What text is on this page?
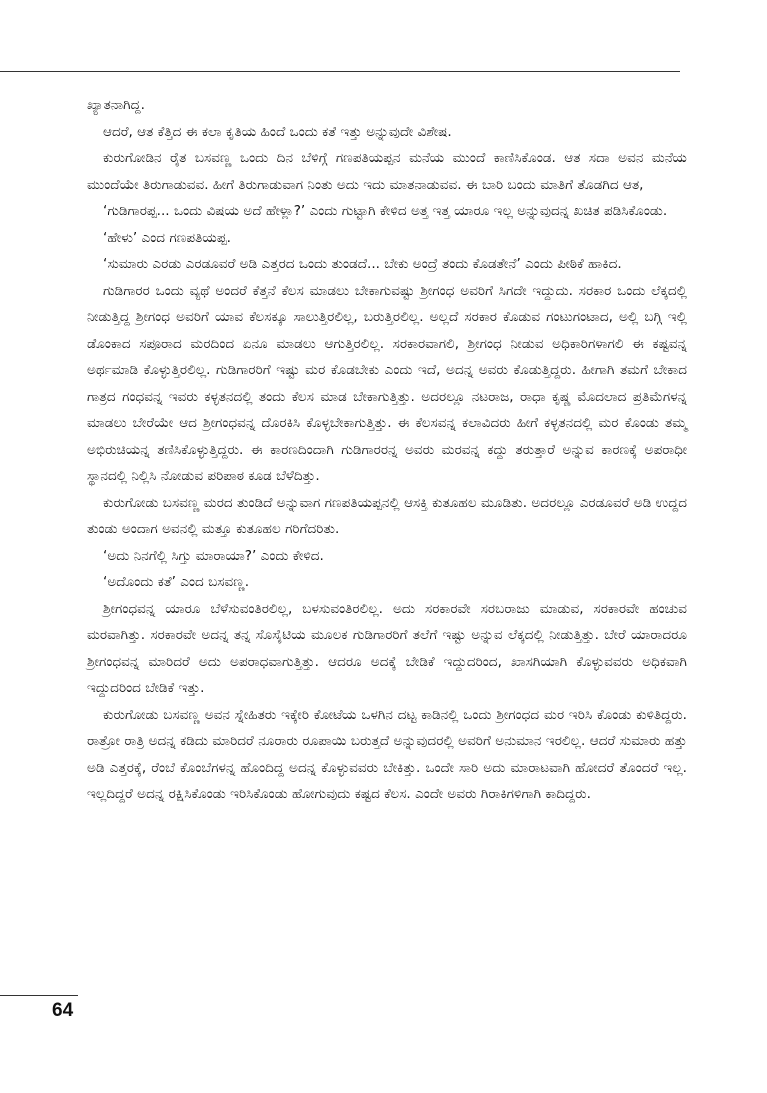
ಖ್ಯಾತನಾಗಿದ್ದ.

ಆದರೆ, ಆತ ಕೆತ್ತಿದ ಈ ಕಲಾ ಕೃತಿಯ ಹಿಂದೆ ಒಂದು ಕತೆ ಇತ್ತು ಅನ್ನುವುದೇ ವಿಶೇಷ.

ಕುರುಗೋಡಿನ ರೈತ ಬಸವಣ್ಣ ಒಂದು ದಿನ ಬೆಳಿಗ್ಗೆ ಗಣಪತಿಯಪ್ಪನ ಮನೆಯ ಮುಂದೆ ಕಾಣಿಸಿಕೊಂಡ. ಆತ ಸದಾ ಅವನ ಮನೆಯ ಮುಂದೆಯೇ ತಿರುಗಾಡುವವ. ಹೀಗೆ ತಿರುಗಾಡುವಾಗ ನಿಂತು ಅದು ಇದು ಮಾತನಾಡುವವ. ಈ ಬಾರಿ ಬಂದು ಮಾತಿಗೆ ತೊಡಗಿದ ಆತ,

‘ಗುಡಿಗಾರಪ್ಪ... ಒಂದು ವಿಷಯ ಅದೆ ಹೇಳ್ಲಾ?’ ಎಂದು ಗುಟ್ಟಾಗಿ ಕೇಳಿದ ಅತ್ತ ಇತ್ತ ಯಾರೂ ಇಲ್ಲ ಅನ್ನುವುದನ್ನ ಖಚಿತ ಪಡಿಸಿಕೊಂಡು.

‘ಹೇಳು’ ಎಂದ ಗಣಪತಿಯಪ್ಪ.

‘ಸುಮಾರು ಎರಡು ಎರಡೂವರೆ ಅಡಿ ಎತ್ತರದ ಒಂದು ತುಂಡದೆ... ಬೇಕು ಅಂದ್ರೆ ತಂದು ಕೊಡತೇನೆ’ ಎಂದು ಪೀಠಿಕೆ ಹಾಕಿದ.

ಗುಡಿಗಾರರ ಒಂದು ವ್ಯಥೆ ಅಂದರೆ ಕೆತ್ತನೆ ಕೆಲಸ ಮಾಡಲು ಬೇಕಾಗುವಷ್ಟು ಶ್ರೀಗಂಧ ಅವರಿಗೆ ಸಿಗದೇ ಇದ್ದುದು. ಸರಕಾರ ಒಂದು ಲೆಕ್ಕದಲ್ಲಿ ನೀಡುತ್ತಿದ್ದ ಶ್ರೀಗಂಧ ಅವರಿಗೆ ಯಾವ ಕೆಲಸಕ್ಕೂ ಸಾಲುತ್ತಿರಲಿಲ್ಲ, ಬರುತ್ತಿರಲಿಲ್ಲ. ಅಲ್ಲದೆ ಸರಕಾರ ಕೊಡುವ ಗಂಟುಗಂಟಾದ, ಅಲ್ಲಿ ಬಗ್ಗಿ ಇಲ್ಲಿ ಡೊಂಕಾದ ಸಪೂರಾದ ಮರದಿಂದ ಏನೂ ಮಾಡಲು ಆಗುತ್ತಿರಲಿಲ್ಲ. ಸರಕಾರವಾಗಲಿ, ಶ್ರೀಗಂಧ ನೀಡುವ ಅಧಿಕಾರಿಗಳಾಗಲಿ ಈ ಕಷ್ಟವನ್ನ ಅರ್ಥಮಾಡಿ ಕೊಳ್ಳುತ್ತಿರಲಿಲ್ಲ. ಗುಡಿಗಾರರಿಗೆ ಇಷ್ಟು ಮರ ಕೊಡಬೇಕು ಎಂದು ಇದೆ, ಅದನ್ನ ಅವರು ಕೊಡುತ್ತಿದ್ದರು. ಹೀಗಾಗಿ ತಮಗೆ ಬೇಕಾದ ಗಾತ್ರದ ಗಂಧವನ್ನ ಇವರು ಕಳ್ಳತನದಲ್ಲಿ ತಂದು ಕೆಲಸ ಮಾಡ ಬೇಕಾಗುತ್ತಿತ್ತು. ಅದರಲ್ಲೂ ನಟರಾಜ, ರಾಧಾ ಕೃಷ್ಣ ಮೊದಲಾದ ಪ್ರತಿಮೆಗಳನ್ನ ಮಾಡಲು ಬೇರೆಯೇ ಆದ ಶ್ರೀಗಂಧವನ್ನ ದೊರಕಿಸಿ ಕೊಳ್ಳಬೇಕಾಗುತ್ತಿತ್ತು. ಈ ಕೆಲಸವನ್ನ ಕಲಾವಿದರು ಹೀಗೆ ಕಳ್ಳತನದಲ್ಲಿ ಮರ ಕೊಂಡು ತಮ್ಮ ಅಭಿರುಚಿಯನ್ನ ತಣಿಸಿಕೊಳ್ಳುತ್ತಿದ್ದರು. ಈ ಕಾರಣದಿಂದಾಗಿ ಗುಡಿಗಾರರನ್ನ ಅವರು ಮರವನ್ನ ಕದ್ದು ತರುತ್ತಾರೆ ಅನ್ನುವ ಕಾರಣಕ್ಕೆ ಅಪರಾಧೀ ಸ್ಥಾನದಲ್ಲಿ ನಿಲ್ಲಿಸಿ ನೋಡುವ ಪರಿಪಾಠ ಕೂಡ ಬೆಳೆದಿತ್ತು.

ಕುರುಗೋಡು ಬಸವಣ್ಣ ಮರದ ತುಂಡಿದೆ ಅನ್ನುವಾಗ ಗಣಪತಿಯಪ್ಪನಲ್ಲಿ ಆಸಕ್ತಿ ಕುತೂಹಲ ಮೂಡಿತು. ಅದರಲ್ಲೂ ಎರಡೂವರೆ ಅಡಿ ಉದ್ದದ ತುಂಡು ಅಂದಾಗ ಅವನಲ್ಲಿ ಮತ್ತೂ ಕುತೂಹಲ ಗರಿಗೆದರಿತು.

‘ಅದು ನಿನಗೆಲ್ಲಿ ಸಿಗ್ತು ಮಾರಾಯಾ?’ ಎಂದು ಕೇಳಿದ.

‘ಅದೊಂದು ಕತೆ’ ಎಂದ ಬಸವಣ್ಣ.

ಶ್ರೀಗಂಧವನ್ನ ಯಾರೂ ಬೆಳೆಸುವಂತಿರಲಿಲ್ಲ, ಬಳಸುವಂತಿರಲಿಲ್ಲ. ಅದು ಸರಕಾರವೇ ಸರಬರಾಜು ಮಾಡುವ, ಸರಕಾರವೇ ಹಂಚುವ ಮರವಾಗಿತ್ತು. ಸರಕಾರವೇ ಅದನ್ನ ತನ್ನ ಸೊಸೈಟಿಯ ಮೂಲಕ ಗುಡಿಗಾರರಿಗೆ ತಲೆಗೆ ಇಷ್ಟು ಅನ್ನುವ ಲೆಕ್ಕದಲ್ಲಿ ನೀಡುತ್ತಿತ್ತು. ಬೇರೆ ಯಾರಾದರೂ ಶ್ರೀಗಂಧವನ್ನ ಮಾರಿದರೆ ಅದು ಅಪರಾಧವಾಗುತ್ತಿತ್ತು. ಆದರೂ ಅದಕ್ಕೆ ಬೇಡಿಕೆ ಇದ್ದುದರಿಂದ, ಖಾಸಗಿಯಾಗಿ ಕೊಳ್ಳುವವರು ಅಧಿಕವಾಗಿ ಇದ್ದುದರಿಂದ ಬೇಡಿಕೆ ಇತ್ತು.

ಕುರುಗೋಡು ಬಸವಣ್ಣ ಅವನ ಸ್ನೇಹಿತರು ಇಕ್ಕೇರಿ ಕೋಟೆಯ ಒಳಗಿನ ದಟ್ಟ ಕಾಡಿನಲ್ಲಿ ಒಂದು ಶ್ರೀಗಂಧದ ಮರ ಇರಿಸಿ ಕೊಂಡು ಕುಳಿತಿದ್ದರು. ರಾತ್ರೋ ರಾತ್ರಿ ಅದನ್ನ ಕಡಿದು ಮಾರಿದರೆ ನೂರಾರು ರೂಪಾಯಿ ಬರುತ್ತದೆ ಅನ್ನುವುದರಲ್ಲಿ ಅವರಿಗೆ ಅನುಮಾನ ಇರಲಿಲ್ಲ. ಆದರೆ ಸುಮಾರು ಹತ್ತು ಅಡಿ ಎತ್ತರಕ್ಕೆ, ರೆಂಬೆ ಕೊಂಬೆಗಳನ್ನ ಹೊಂದಿದ್ದ ಅದನ್ನ ಕೊಳ್ಳುವವರು ಬೇಕಿತ್ತು. ಒಂದೇ ಸಾರಿ ಅದು ಮಾರಾಟವಾಗಿ ಹೋದರೆ ತೊಂದರೆ ಇಲ್ಲ. ಇಲ್ಲದಿದ್ದರೆ ಅದನ್ನ ರಕ್ಷಿಸಿಕೊಂಡು ಇರಿಸಿಕೊಂಡು ಹೋಗುವುದು ಕಷ್ಟದ ಕೆಲಸ. ಎಂದೇ ಅವರು ಗಿರಾಕಿಗಳಿಗಾಗಿ ಕಾದಿದ್ದರು.

64
